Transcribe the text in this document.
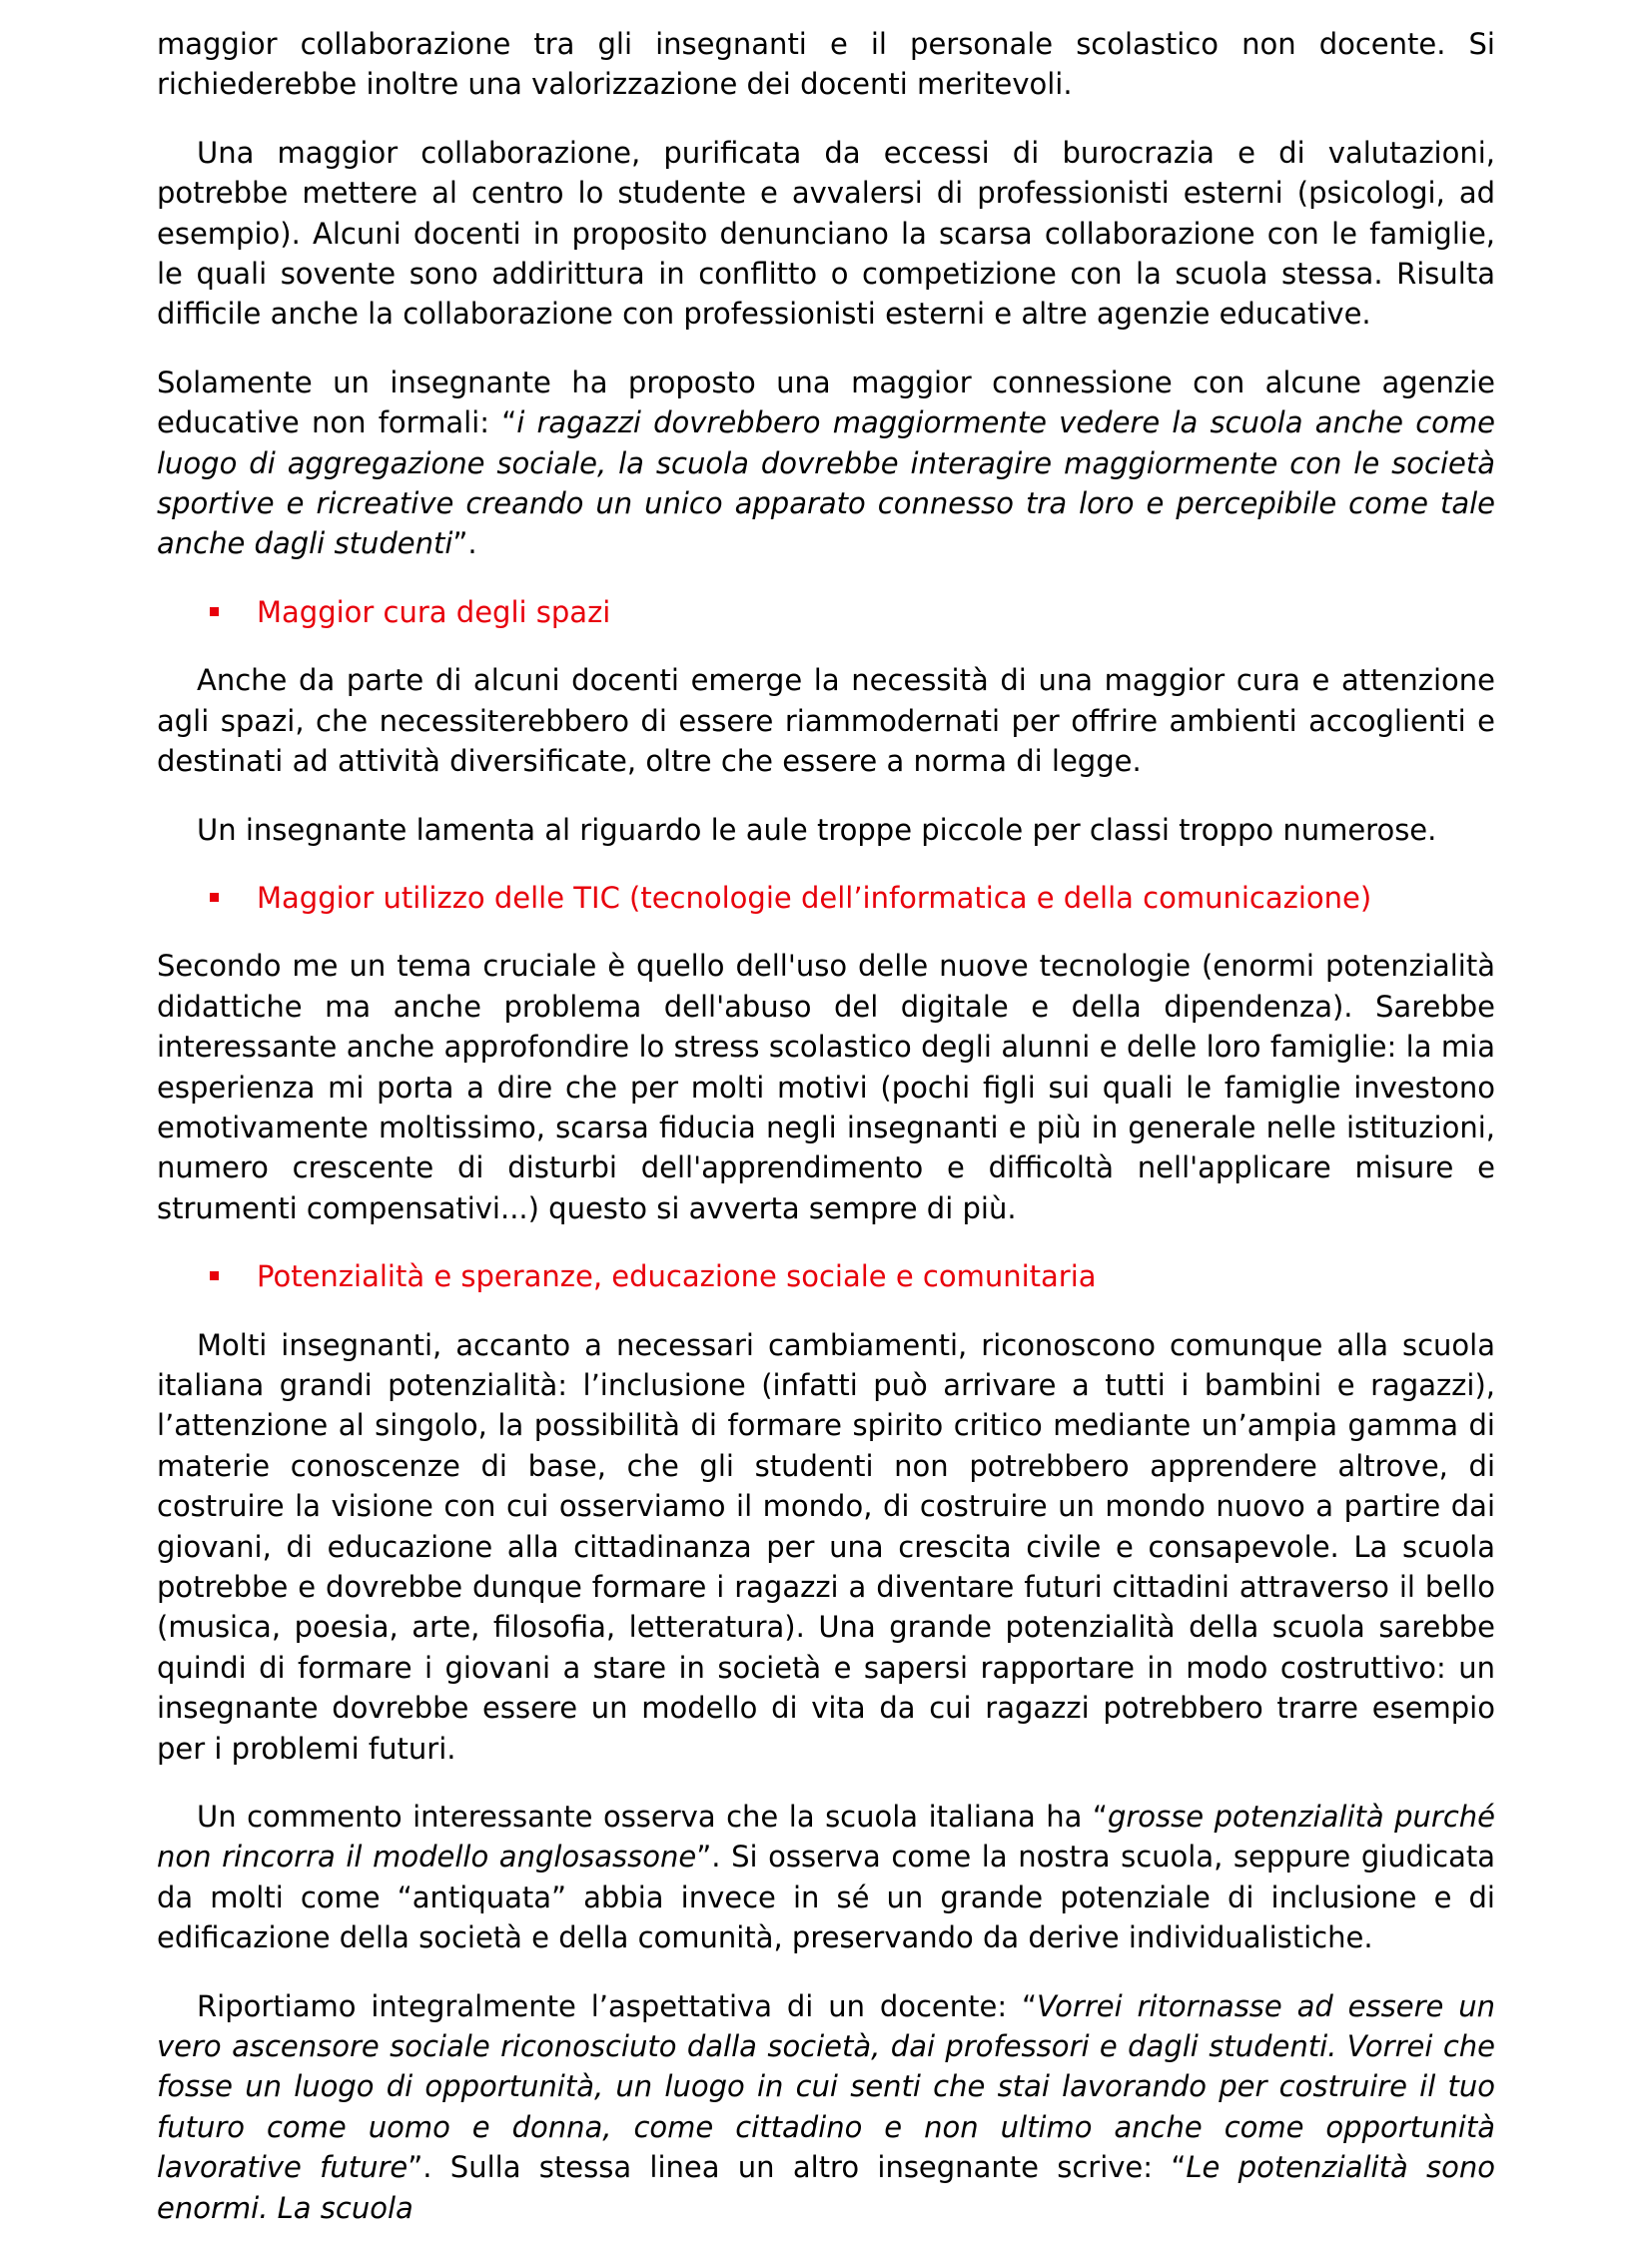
maggior collaborazione tra gli insegnanti e il personale scolastico non docente. Si richiederebbe inoltre una valorizzazione dei docenti meritevoli.

Una maggior collaborazione, purificata da eccessi di burocrazia e di valutazioni, potrebbe mettere al centro lo studente e avvalersi di professionisti esterni (psicologi, ad esempio). Alcuni docenti in proposito denunciano la scarsa collaborazione con le famiglie, le quali sovente sono addirittura in conflitto o competizione con la scuola stessa. Risulta difficile anche la collaborazione con professionisti esterni e altre agenzie educative.

Solamente un insegnante ha proposto una maggior connessione con alcune agenzie educative non formali: “i ragazzi dovrebbero maggiormente vedere la scuola anche come luogo di aggregazione sociale, la scuola dovrebbe interagire maggiormente con le società sportive e ricreative creando un unico apparato connesso tra loro e percepibile come tale anche dagli studenti”.

Maggior cura degli spazi

Anche da parte di alcuni docenti emerge la necessità di una maggior cura e attenzione agli spazi, che necessiterebbero di essere riammodernati per offrire ambienti accoglienti e destinati ad attività diversificate, oltre che essere a norma di legge.

Un insegnante lamenta al riguardo le aule troppe piccole per classi troppo numerose.

Maggior utilizzo delle TIC (tecnologie dell’informatica e della comunicazione)

Secondo me un tema cruciale è quello dell'uso delle nuove tecnologie (enormi potenzialità didattiche ma anche problema dell'abuso del digitale e della dipendenza). Sarebbe interessante anche approfondire lo stress scolastico degli alunni e delle loro famiglie: la mia esperienza mi porta a dire che per molti motivi (pochi figli sui quali le famiglie investono emotivamente moltissimo, scarsa fiducia negli insegnanti e più in generale nelle istituzioni, numero crescente di disturbi dell'apprendimento e difficoltà nell'applicare misure e strumenti compensativi...) questo si avverta sempre di più.

Potenzialità e speranze, educazione sociale e comunitaria

Molti insegnanti, accanto a necessari cambiamenti, riconoscono comunque alla scuola italiana grandi potenzialità: l’inclusione (infatti può arrivare a tutti i bambini e ragazzi), l’attenzione al singolo, la possibilità di formare spirito critico mediante un’ampia gamma di materie conoscenze di base, che gli studenti non potrebbero apprendere altrove, di costruire la visione con cui osserviamo il mondo, di costruire un mondo nuovo a partire dai giovani, di educazione alla cittadinanza per una crescita civile e consapevole. La scuola potrebbe e dovrebbe dunque formare i ragazzi a diventare futuri cittadini attraverso il bello (musica, poesia, arte, filosofia, letteratura). Una grande potenzialità della scuola sarebbe quindi di formare i giovani a stare in società e sapersi rapportare in modo costruttivo: un insegnante dovrebbe essere un modello di vita da cui ragazzi potrebbero trarre esempio per i problemi futuri.

Un commento interessante osserva che la scuola italiana ha “grosse potenzialità purché non rincorra il modello anglosassone”. Si osserva come la nostra scuola, seppure giudicata da molti come “antiquata” abbia invece in sé un grande potenziale di inclusione e di edificazione della società e della comunità, preservando da derive individualistiche.

Riportiamo integralmente l’aspettativa di un docente: “Vorrei ritornasse ad essere un vero ascensore sociale riconosciuto dalla società, dai professori e dagli studenti. Vorrei che fosse un luogo di opportunità, un luogo in cui senti che stai lavorando per costruire il tuo futuro come uomo e donna, come cittadino e non ultimo anche come opportunità lavorative future”. Sulla stessa linea un altro insegnante scrive: “Le potenzialità sono enormi. La scuola
